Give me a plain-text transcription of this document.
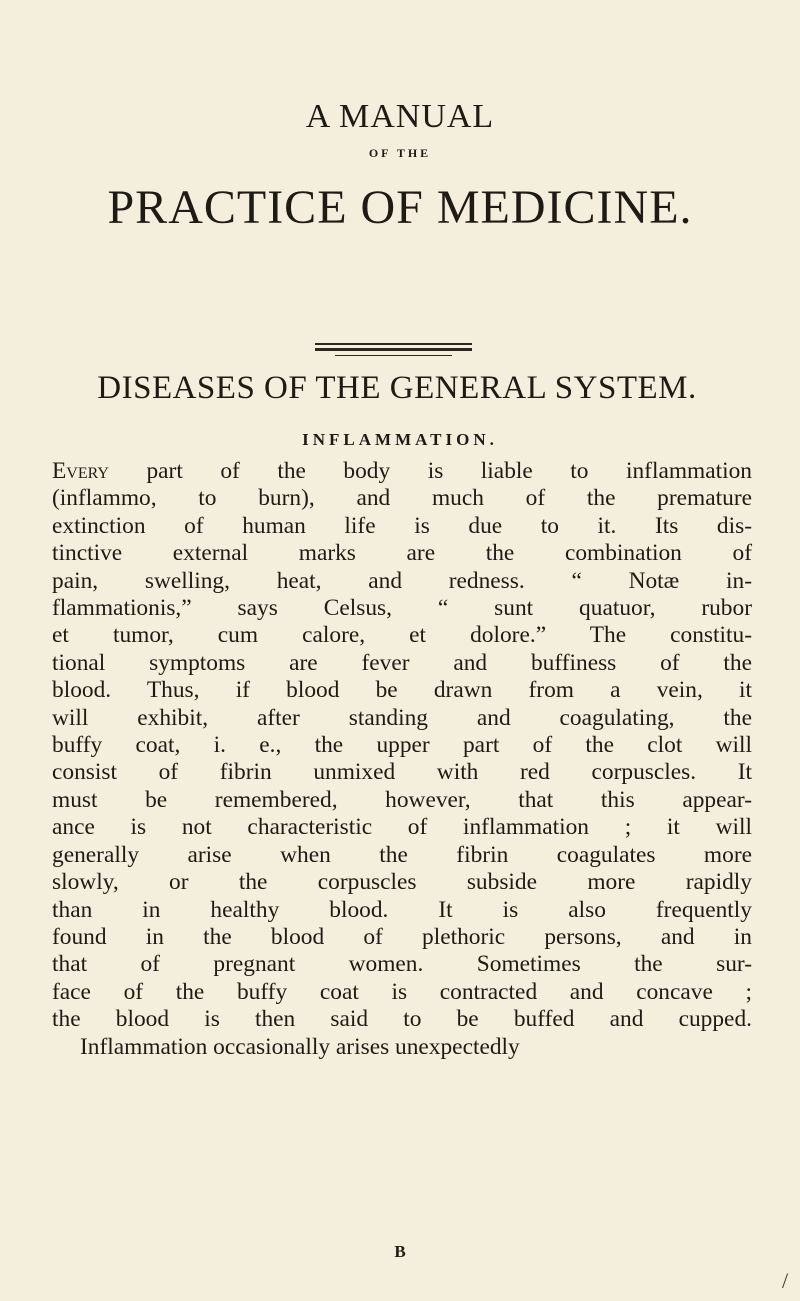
A MANUAL
OF THE
PRACTICE OF MEDICINE.
DISEASES OF THE GENERAL SYSTEM.
INFLAMMATION.
Every part of the body is liable to inflammation
(inflammo, to burn), and much of the premature
extinction of human life is due to it. Its dis-
tinctive external marks are the combination of
pain, swelling, heat, and redness. “ Notæ in-
flammationis,” says Celsus, “ sunt quatuor, rubor
et tumor, cum calore, et dolore.” The constitu-
tional symptoms are fever and buffiness of the
blood. Thus, if blood be drawn from a vein, it
will exhibit, after standing and coagulating, the
buffy coat, i. e., the upper part of the clot will
consist of fibrin unmixed with red corpuscles. It
must be remembered, however, that this appear-
ance is not characteristic of inflammation ; it will
generally arise when the fibrin coagulates more
slowly, or the corpuscles subside more rapidly
than in healthy blood. It is also frequently
found in the blood of plethoric persons, and in
that of pregnant women. Sometimes the sur-
face of the buffy coat is contracted and concave ;
the blood is then said to be buffed and cupped.
Inflammation occasionally arises unexpectedly
B
/
